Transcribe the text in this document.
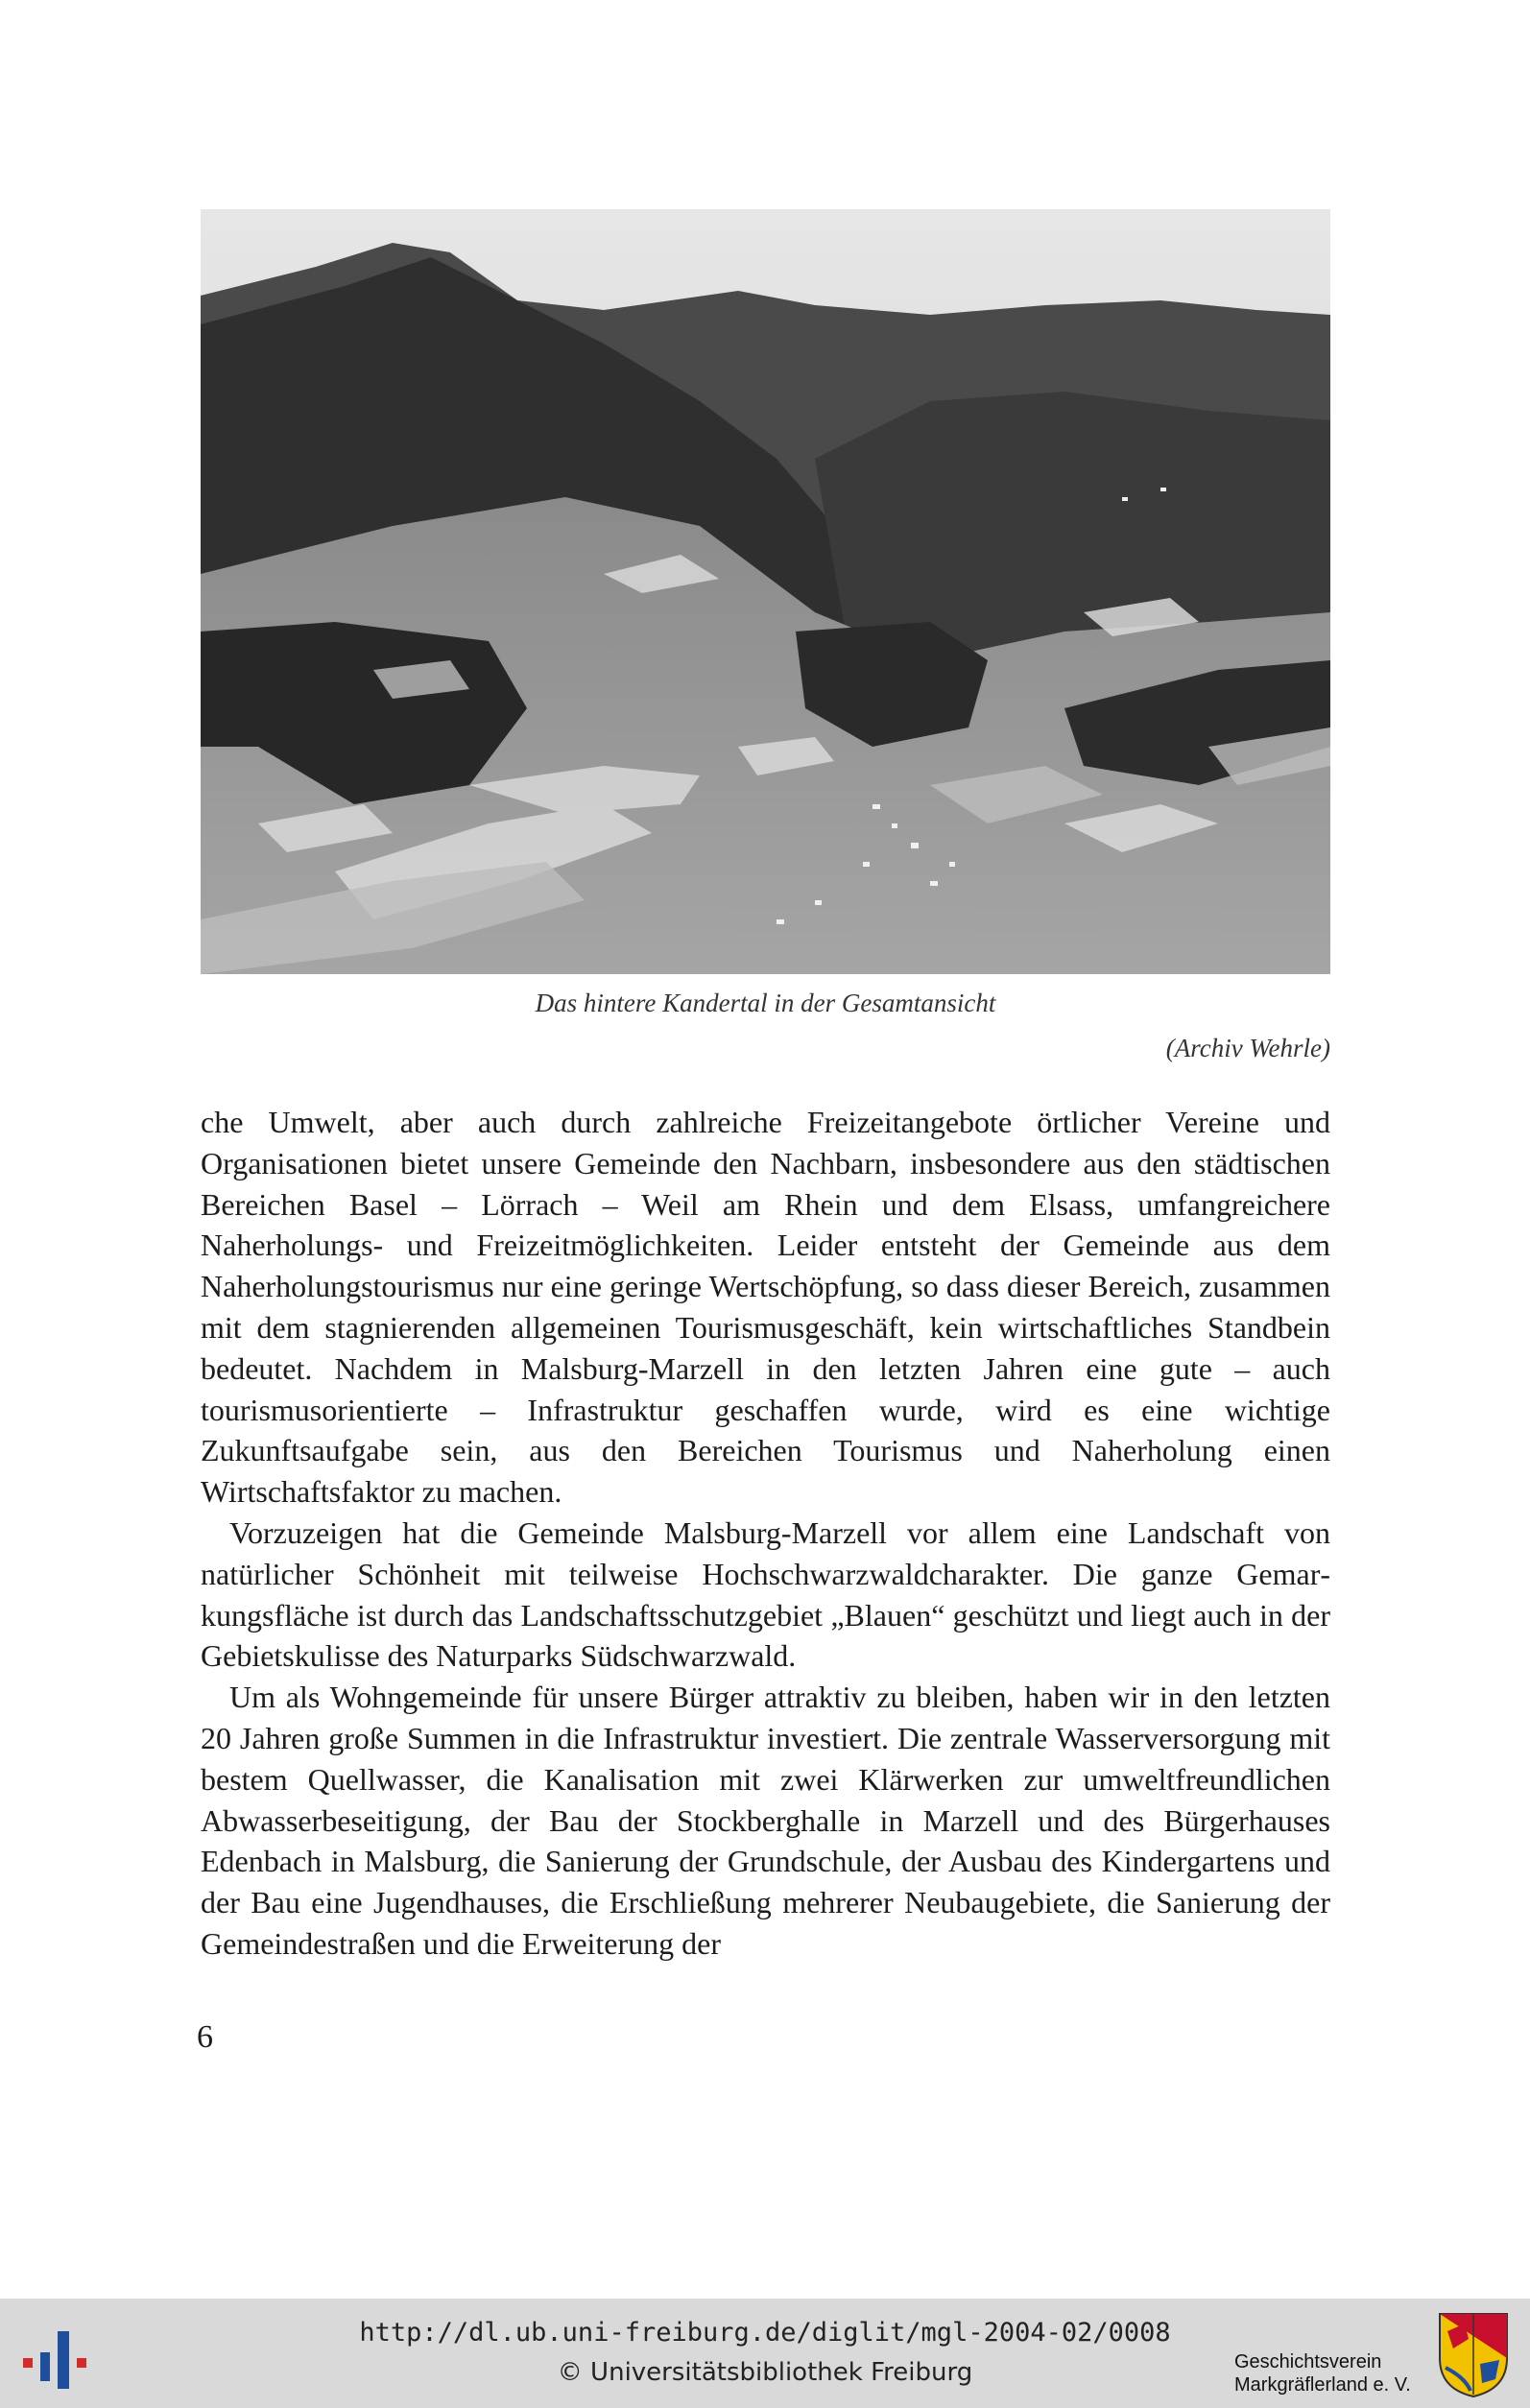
Das hintere Kandertal in der Gesamtansicht
(Archiv Wehrle)

che Umwelt, aber auch durch zahlreiche Freizeitangebote örtlicher Vereine und Organisationen bietet unsere Gemeinde den Nachbarn, insbesondere aus den städtischen Bereichen Basel – Lörrach – Weil am Rhein und dem Elsass, umfangreichere Naherholungs- und Freizeitmöglichkeiten. Leider entsteht der Gemeinde aus dem Naherholungstourismus nur eine geringe Wertschöpfung, so dass dieser Bereich, zusammen mit dem stagnierenden allgemeinen Tourismusgeschäft, kein wirtschaftliches Standbein bedeutet. Nachdem in Malsburg-Marzell in den letzten Jahren eine gute – auch tourismusorientierte – Infrastruktur geschaffen wurde, wird es eine wichtige Zukunftsaufgabe sein, aus den Bereichen Tourismus und Naherholung einen Wirtschaftsfaktor zu machen.

Vorzuzeigen hat die Gemeinde Malsburg-Marzell vor allem eine Landschaft von natürlicher Schönheit mit teilweise Hochschwarzwaldcharakter. Die ganze Gemarkungsfläche ist durch das Landschaftsschutzgebiet „Blauen“ geschützt und liegt auch in der Gebietskulisse des Naturparks Südschwarzwald.

Um als Wohngemeinde für unsere Bürger attraktiv zu bleiben, haben wir in den letzten 20 Jahren große Summen in die Infrastruktur investiert. Die zentrale Wasserversorgung mit bestem Quellwasser, die Kanalisation mit zwei Klärwerken zur umweltfreundlichen Abwasserbeseitigung, der Bau der Stockberghalle in Marzell und des Bürgerhauses Edenbach in Malsburg, die Sanierung der Grundschule, der Ausbau des Kindergartens und der Bau eine Jugendhauses, die Erschließung mehrerer Neubaugebiete, die Sanierung der Gemeindestraßen und die Erweiterung der

6
http://dl.ub.uni-freiburg.de/diglit/mgl-2004-02/0008
© Universitätsbibliothek Freiburg	Geschichtsverein
Markgräflerland e. V.
